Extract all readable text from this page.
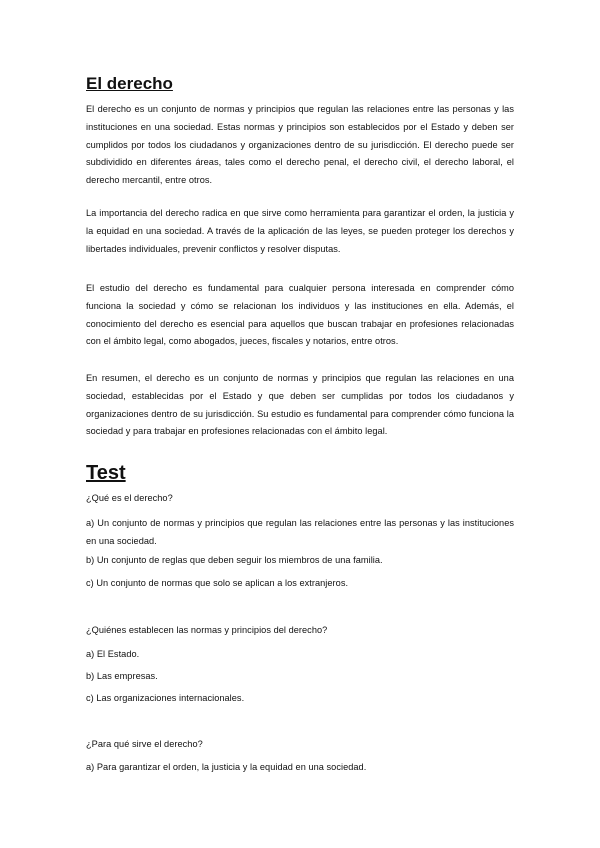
El derecho

El derecho es un conjunto de normas y principios que regulan las relaciones entre las personas y las instituciones en una sociedad. Estas normas y principios son establecidos por el Estado y deben ser cumplidos por todos los ciudadanos y organizaciones dentro de su jurisdicción. El derecho puede ser subdividido en diferentes áreas, tales como el derecho penal, el derecho civil, el derecho laboral, el derecho mercantil, entre otros.

La importancia del derecho radica en que sirve como herramienta para garantizar el orden, la justicia y la equidad en una sociedad. A través de la aplicación de las leyes, se pueden proteger los derechos y libertades individuales, prevenir conflictos y resolver disputas.

El estudio del derecho es fundamental para cualquier persona interesada en comprender cómo funciona la sociedad y cómo se relacionan los individuos y las instituciones en ella. Además, el conocimiento del derecho es esencial para aquellos que buscan trabajar en profesiones relacionadas con el ámbito legal, como abogados, jueces, fiscales y notarios, entre otros.

En resumen, el derecho es un conjunto de normas y principios que regulan las relaciones en una sociedad, establecidas por el Estado y que deben ser cumplidas por todos los ciudadanos y organizaciones dentro de su jurisdicción. Su estudio es fundamental para comprender cómo funciona la sociedad y para trabajar en profesiones relacionadas con el ámbito legal.

Test

¿Qué es el derecho?

a) Un conjunto de normas y principios que regulan las relaciones entre las personas y las instituciones en una sociedad.

b) Un conjunto de reglas que deben seguir los miembros de una familia.

c) Un conjunto de normas que solo se aplican a los extranjeros.

¿Quiénes establecen las normas y principios del derecho?

a) El Estado.

b) Las empresas.

c) Las organizaciones internacionales.

¿Para qué sirve el derecho?

a) Para garantizar el orden, la justicia y la equidad en una sociedad.
